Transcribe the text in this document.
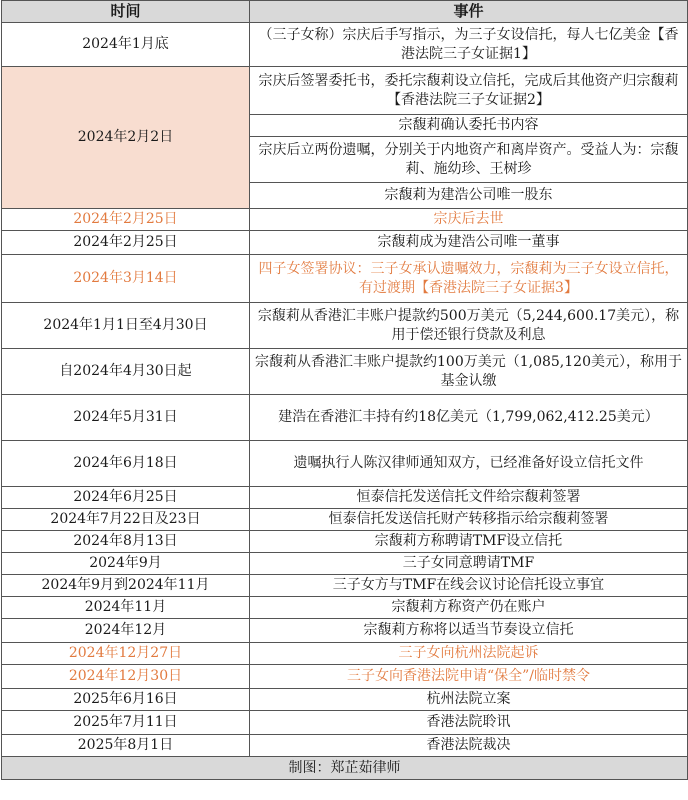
时间	事件
2024年1月底	（三子女称）宗庆后手写指示，为三子女设信托，每人七亿美金【香港法院三子女证据1】
2024年2月2日	宗庆后签署委托书，委托宗馥莉设立信托，完成后其他资产归宗馥莉【香港法院三子女证据2】
	宗馥莉确认委托书内容
	宗庆后立两份遗嘱，分别关于内地资产和离岸资产。受益人为：宗馥莉、施幼珍、王树珍
	宗馥莉为建浩公司唯一股东
2024年2月25日	宗庆后去世
2024年2月25日	宗馥莉成为建浩公司唯一董事
2024年3月14日	四子女签署协议：三子女承认遗嘱效力，宗馥莉为三子女设立信托，有过渡期【香港法院三子女证据3】
2024年1月1日至4月30日	宗馥莉从香港汇丰账户提款约500万美元（5,244,600.17美元），称用于偿还银行贷款及利息
自2024年4月30日起	宗馥莉从香港汇丰账户提款约100万美元（1,085,120美元），称用于基金认缴
2024年5月31日	建浩在香港汇丰持有约18亿美元（1,799,062,412.25美元）
2024年6月18日	遗嘱执行人陈汉律师通知双方，已经准备好设立信托文件
2024年6月25日	恒泰信托发送信托文件给宗馥莉签署
2024年7月22日及23日	恒泰信托发送信托财产转移指示给宗馥莉签署
2024年8月13日	宗馥莉方称聘请TMF设立信托
2024年9月	三子女同意聘请TMF
2024年9月到2024年11月	三子女方与TMF在线会议讨论信托设立事宜
2024年11月	宗馥莉方称资产仍在账户
2024年12月	宗馥莉方称将以适当节奏设立信托
2024年12月27日	三子女向杭州法院起诉
2024年12月30日	三子女向香港法院申请“保全”/临时禁令
2025年6月16日	杭州法院立案
2025年7月11日	香港法院聆讯
2025年8月1日	香港法院裁决
制图：郑芷茹律师	
